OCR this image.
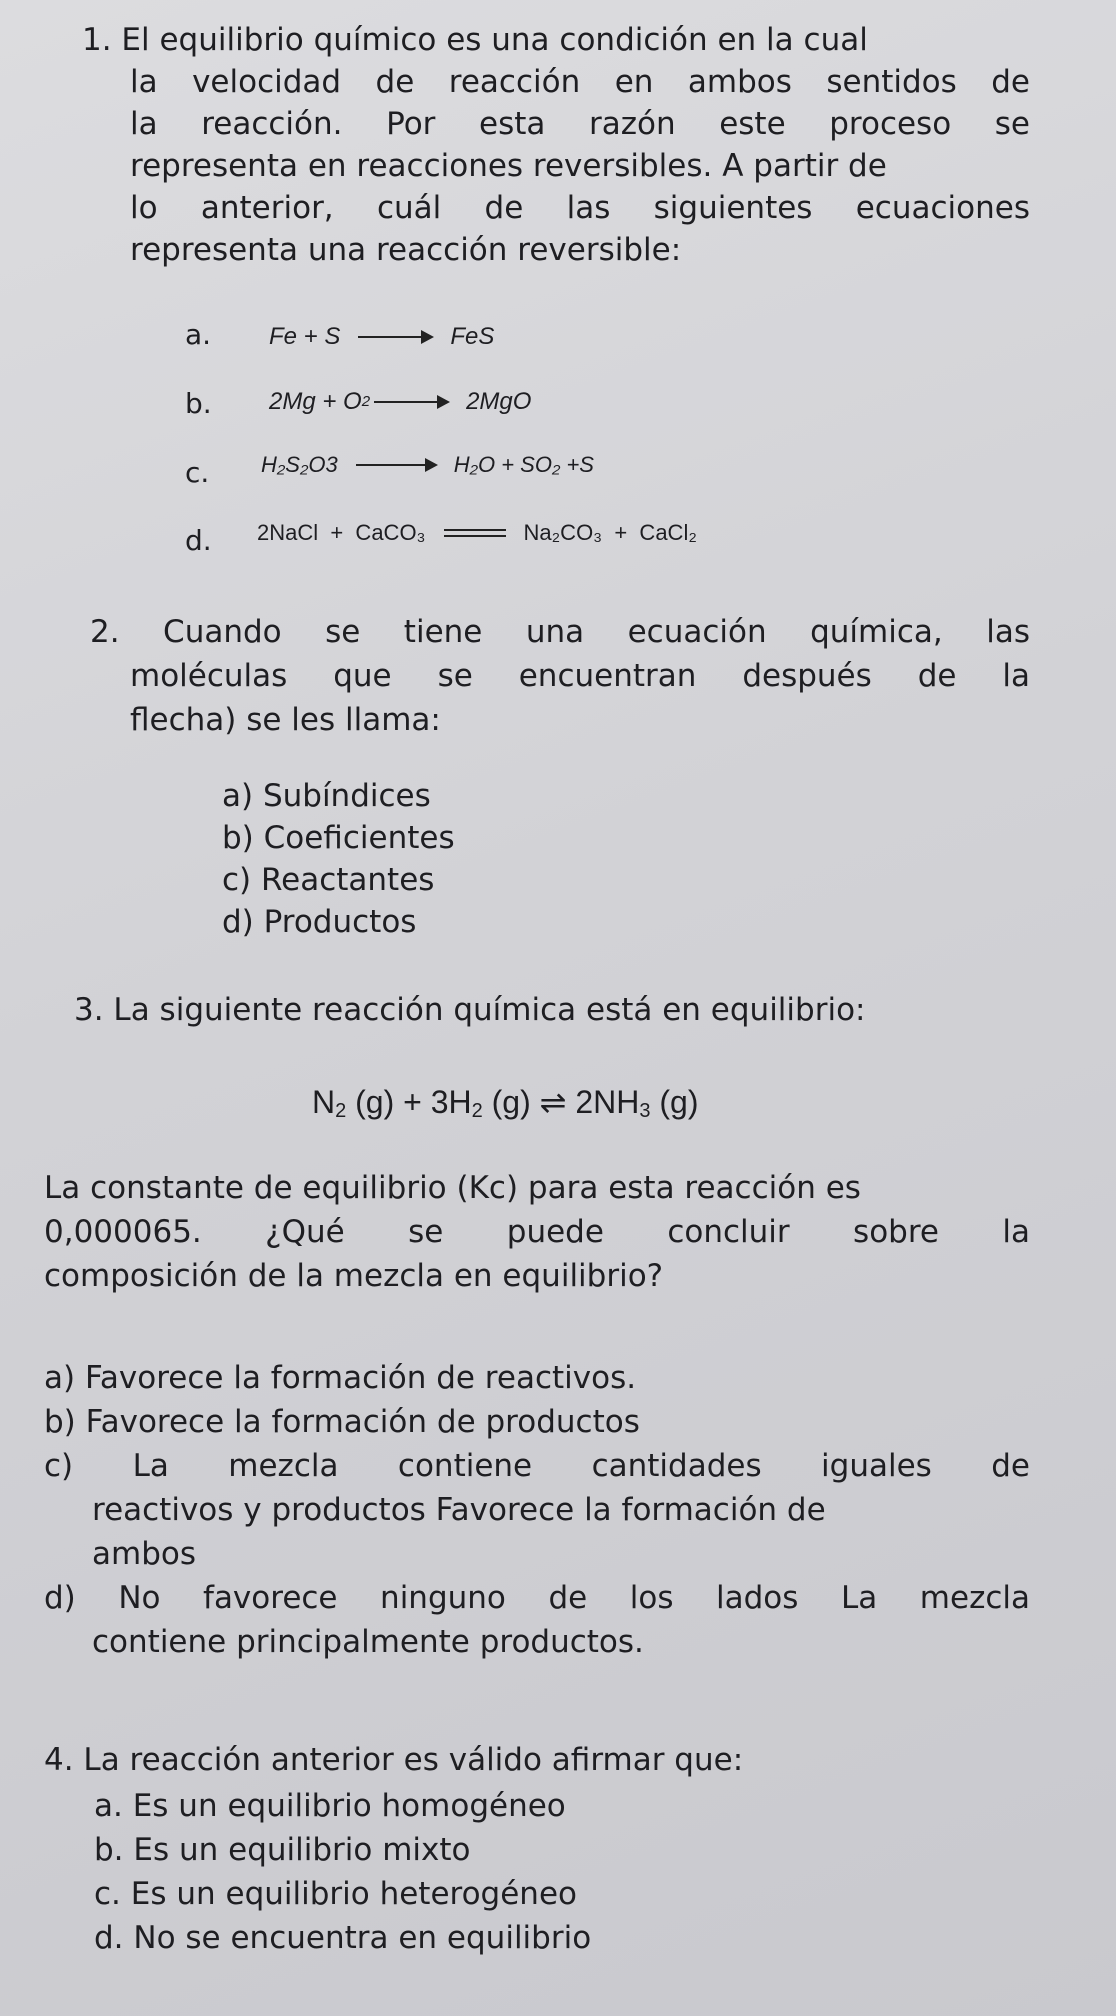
1. El equilibrio químico es una condición en la cual
la velocidad de reacción en ambos sentidos de
la reacción. Por esta razón este proceso se
representa en reacciones reversibles. A partir de
lo anterior, cuál de las siguientes ecuaciones
representa una reacción reversible:
a. Fe + S	FeS
b. 2Mg + O 2	2MgO
c. H₂S₂O3	H₂O + SO₂ +S
d. 2NaCl  +  CaCO₃	Na₂CO₃  +  CaCl₂
2. Cuando se tiene una ecuación química, las
moléculas que se encuentran después de la
flecha) se les llama:
a) Subíndices
b) Coeficientes
c) Reactantes
d) Productos
3. La siguiente reacción química está en equilibrio:
$N_2$ $(g) + 3H_2$ (g) ⇌ $2NH_3$ (g)
La constante de equilibrio (Kc) para esta reacción es
0,000065. ¿Qué se puede concluir sobre la
composición de la mezcla en equilibrio?
a) Favorece la formación de reactivos.
b) Favorece la formación de productos
c) La mezcla contiene cantidades iguales de
reactivos y productos Favorece la formación de
ambos
d) No favorece ninguno de los lados La mezcla
contiene principalmente productos.
4. La reacción anterior es válido afirmar que:
a. Es un equilibrio homogéneo
b. Es un equilibrio mixto
c. Es un equilibrio heterogéneo
d. No se encuentra en equilibrio
